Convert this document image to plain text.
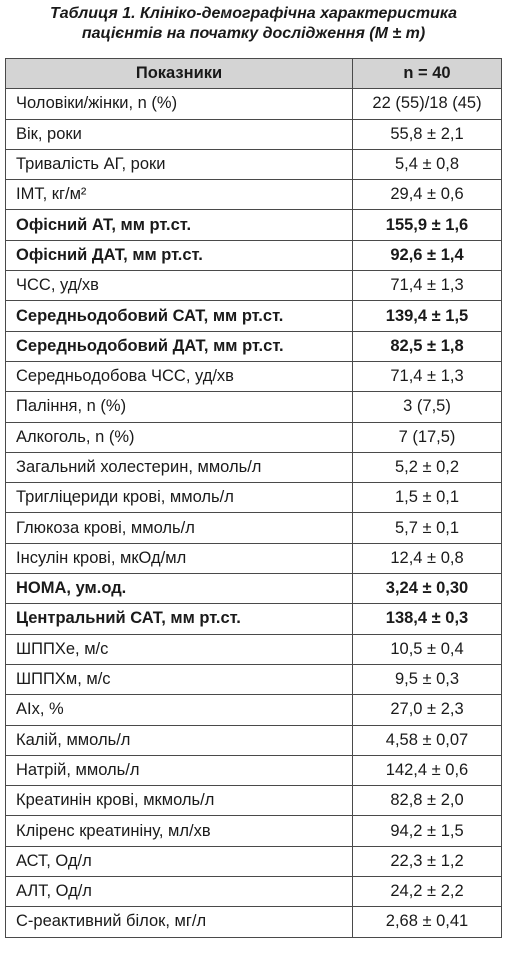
Таблиця 1. Клініко-демографічна характеристика
пацієнтів на початку дослідження (M ± m)
Показники	n = 40
Чоловіки/жінки, n (%)	22 (55)/18 (45)
Вік, роки	55,8 ± 2,1
Тривалість АГ, роки	5,4 ± 0,8
ІМТ, кг/м²	29,4 ± 0,6
Офісний АТ, мм рт.ст.	155,9 ± 1,6
Офісний ДАТ, мм рт.ст.	92,6 ± 1,4
ЧСС, уд/хв	71,4 ± 1,3
Середньодобовий САТ, мм рт.ст.	139,4 ± 1,5
Середньодобовий ДАТ, мм рт.ст.	82,5 ± 1,8
Середньодобова ЧСС, уд/хв	71,4 ± 1,3
Паління, n (%)	3 (7,5)
Алкоголь, n (%)	7 (17,5)
Загальний холестерин, ммоль/л	5,2 ± 0,2
Тригліцериди крові, ммоль/л	1,5 ± 0,1
Глюкоза крові, ммоль/л	5,7 ± 0,1
Інсулін крові, мкОд/мл	12,4 ± 0,8
HOMA, ум.од.	3,24 ± 0,30
Центральний САТ, мм рт.ст.	138,4 ± 0,3
ШППХе, м/с	10,5 ± 0,4
ШППХм, м/с	9,5 ± 0,3
AIx, %	27,0 ± 2,3
Калій, ммоль/л	4,58 ± 0,07
Натрій, ммоль/л	142,4 ± 0,6
Креатинін крові, мкмоль/л	82,8 ± 2,0
Кліренс креатиніну, мл/хв	94,2 ± 1,5
АСТ, Од/л	22,3 ± 1,2
АЛТ, Од/л	24,2 ± 2,2
С-реактивний білок, мг/л	2,68 ± 0,41
